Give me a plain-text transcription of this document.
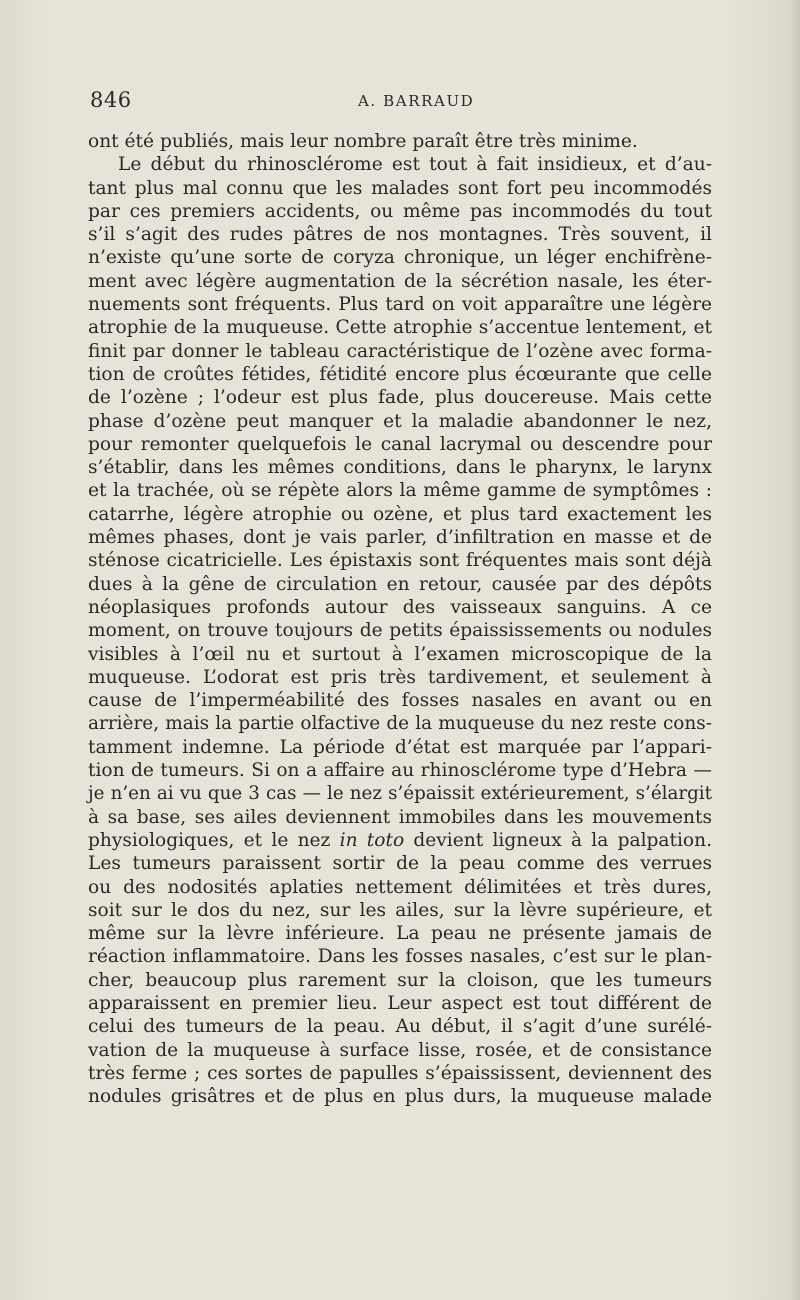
846	A. BARRAUD
ont été publiés, mais leur nombre paraît être très minime.
Le début du rhinosclérome est tout à fait insidieux, et d’au-
tant plus mal connu que les malades sont fort peu incommodés
par ces premiers accidents, ou même pas incommodés du tout
s’il s’agit des rudes pâtres de nos montagnes. Très souvent, il
n’existe qu’une sorte de coryza chronique, un léger enchifrène-
ment avec légère augmentation de la sécrétion nasale, les éter-
nuements sont fréquents. Plus tard on voit apparaître une légère
atrophie de la muqueuse. Cette atrophie s’accentue lentement, et
finit par donner le tableau caractéristique de l’ozène avec forma-
tion de croûtes fétides, fétidité encore plus écœurante que celle
de l’ozène ; l’odeur est plus fade, plus doucereuse. Mais cette
phase d’ozène peut manquer et la maladie abandonner le nez,
pour remonter quelquefois le canal lacrymal ou descendre pour
s’établir, dans les mêmes conditions, dans le pharynx, le larynx
et la trachée, où se répète alors la même gamme de symptômes :
catarrhe, légère atrophie ou ozène, et plus tard exactement les
mêmes phases, dont je vais parler, d’infiltration en masse et de
sténose cicatricielle. Les épistaxis sont fréquentes mais sont déjà
dues à la gêne de circulation en retour, causée par des dépôts
néoplasiques profonds autour des vaisseaux sanguins. A ce
moment, on trouve toujours de petits épaississements ou nodules
visibles à l’œil nu et surtout à l’examen microscopique de la
muqueuse. L’odorat est pris très tardivement, et seulement à
cause de l’imperméabilité des fosses nasales en avant ou en
arrière, mais la partie olfactive de la muqueuse du nez reste cons-
tamment indemne. La période d’état est marquée par l’appari-
tion de tumeurs. Si on a affaire au rhinosclérome type d’Hebra —
je n’en ai vu que 3 cas — le nez s’épaissit extérieurement, s’élargit
à sa base, ses ailes deviennent immobiles dans les mouvements
physiologiques, et le nez in toto devient ligneux à la palpation.
Les tumeurs paraissent sortir de la peau comme des verrues
ou des nodosités aplaties nettement délimitées et très dures,
soit sur le dos du nez, sur les ailes, sur la lèvre supérieure, et
même sur la lèvre inférieure. La peau ne présente jamais de
réaction inflammatoire. Dans les fosses nasales, c’est sur le plan-
cher, beaucoup plus rarement sur la cloison, que les tumeurs
apparaissent en premier lieu. Leur aspect est tout différent de
celui des tumeurs de la peau. Au début, il s’agit d’une surélé-
vation de la muqueuse à surface lisse, rosée, et de consistance
très ferme ; ces sortes de papulles s’épaississent, deviennent des
nodules grisâtres et de plus en plus durs, la muqueuse malade
